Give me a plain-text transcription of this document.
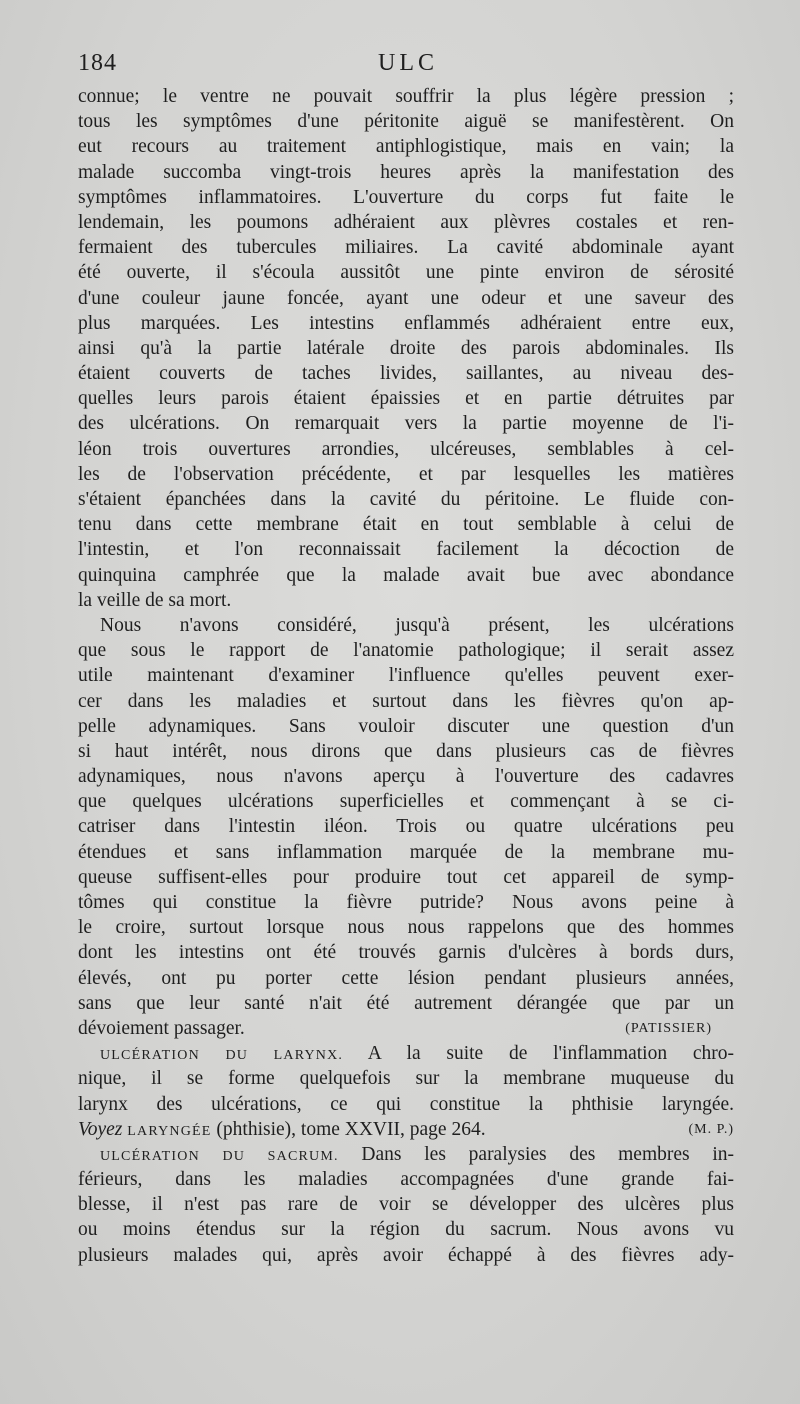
184	ULC
connue; le ventre ne pouvait souffrir la plus légère pression ;
tous les symptômes d'une péritonite aiguë se manifestèrent. On
eut recours au traitement antiphlogistique, mais en vain; la
malade succomba vingt-trois heures après la manifestation des
symptômes inflammatoires. L'ouverture du corps fut faite le
lendemain, les poumons adhéraient aux plèvres costales et ren-
fermaient des tubercules miliaires. La cavité abdominale ayant
été ouverte, il s'écoula aussitôt une pinte environ de sérosité
d'une couleur jaune foncée, ayant une odeur et une saveur des
plus marquées. Les intestins enflammés adhéraient entre eux,
ainsi qu'à la partie latérale droite des parois abdominales. Ils
étaient couverts de taches livides, saillantes, au niveau des-
quelles leurs parois étaient épaissies et en partie détruites par
des ulcérations. On remarquait vers la partie moyenne de l'i-
léon trois ouvertures arrondies, ulcéreuses, semblables à cel-
les de l'observation précédente, et par lesquelles les matières
s'étaient épanchées dans la cavité du péritoine. Le fluide con-
tenu dans cette membrane était en tout semblable à celui de
l'intestin, et l'on reconnaissait facilement la décoction de
quinquina camphrée que la malade avait bue avec abondance
la veille de sa mort.
Nous n'avons considéré, jusqu'à présent, les ulcérations
que sous le rapport de l'anatomie pathologique; il serait assez
utile maintenant d'examiner l'influence qu'elles peuvent exer-
cer dans les maladies et surtout dans les fièvres qu'on ap-
pelle adynamiques. Sans vouloir discuter une question d'un
si haut intérêt, nous dirons que dans plusieurs cas de fièvres
adynamiques, nous n'avons aperçu à l'ouverture des cadavres
que quelques ulcérations superficielles et commençant à se ci-
catriser dans l'intestin iléon. Trois ou quatre ulcérations peu
étendues et sans inflammation marquée de la membrane mu-
queuse suffisent-elles pour produire tout cet appareil de symp-
tômes qui constitue la fièvre putride? Nous avons peine à
le croire, surtout lorsque nous nous rappelons que des hommes
dont les intestins ont été trouvés garnis d'ulcères à bords durs,
élevés, ont pu porter cette lésion pendant plusieurs années,
sans que leur santé n'ait été autrement dérangée que par un
dévoiement passager.	(PATISSIER)
ULCÉRATION DU LARYNX. A la suite de l'inflammation chro-
nique, il se forme quelquefois sur la membrane muqueuse du
larynx des ulcérations, ce qui constitue la phthisie laryngée.
Voyez LARYNGÉE (phthisie), tome XXVII, page 264.	(M. P.)
ULCÉRATION DU SACRUM. Dans les paralysies des membres in-
férieurs, dans les maladies accompagnées d'une grande fai-
blesse, il n'est pas rare de voir se développer des ulcères plus
ou moins étendus sur la région du sacrum. Nous avons vu
plusieurs malades qui, après avoir échappé à des fièvres ady-
